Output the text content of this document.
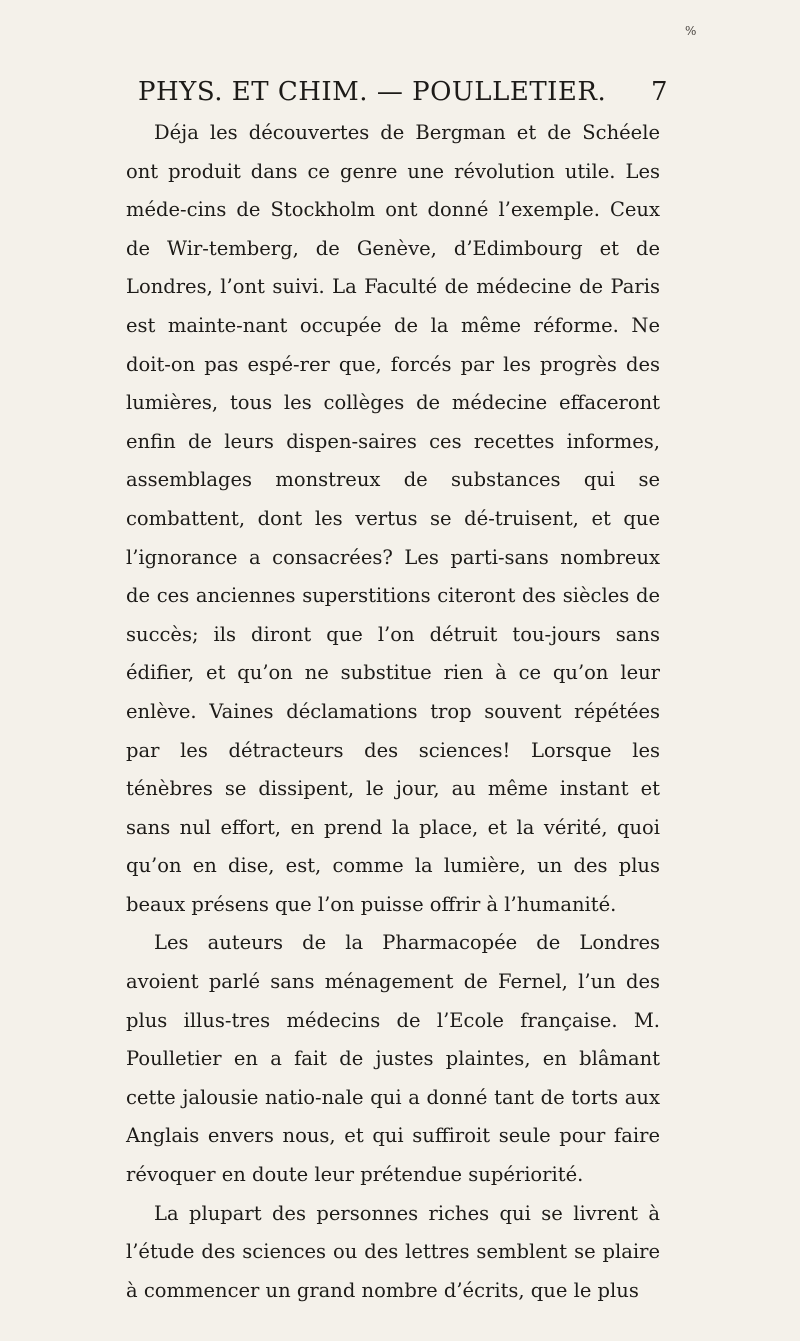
%
PHYS. ET CHIM. — POULLETIER. 7

Déja les découvertes de Bergman et de Schéele ont produit dans ce genre une révolution utile. Les méde-cins de Stockholm ont donné l’exemple. Ceux de Wir-temberg, de Genève, d’Edimbourg et de Londres, l’ont suivi. La Faculté de médecine de Paris est mainte-nant occupée de la même réforme. Ne doit-on pas espé-rer que, forcés par les progrès des lumières, tous les collèges de médecine effaceront enfin de leurs dispen-saires ces recettes informes, assemblages monstreux de substances qui se combattent, dont les vertus se dé-truisent, et que l’ignorance a consacrées? Les parti-sans nombreux de ces anciennes superstitions citeront des siècles de succès; ils diront que l’on détruit tou-jours sans édifier, et qu’on ne substitue rien à ce qu’on leur enlève. Vaines déclamations trop souvent répétées par les détracteurs des sciences! Lorsque les ténèbres se dissipent, le jour, au même instant et sans nul effort, en prend la place, et la vérité, quoi qu’on en dise, est, comme la lumière, un des plus beaux présens que l’on puisse offrir à l’humanité.

Les auteurs de la Pharmacopée de Londres avoient parlé sans ménagement de Fernel, l’un des plus illus-tres médecins de l’Ecole française. M. Poulletier en a fait de justes plaintes, en blâmant cette jalousie natio-nale qui a donné tant de torts aux Anglais envers nous, et qui suffiroit seule pour faire révoquer en doute leur prétendue supériorité.

La plupart des personnes riches qui se livrent à l’étude des sciences ou des lettres semblent se plaire à commencer un grand nombre d’écrits, que le plus
